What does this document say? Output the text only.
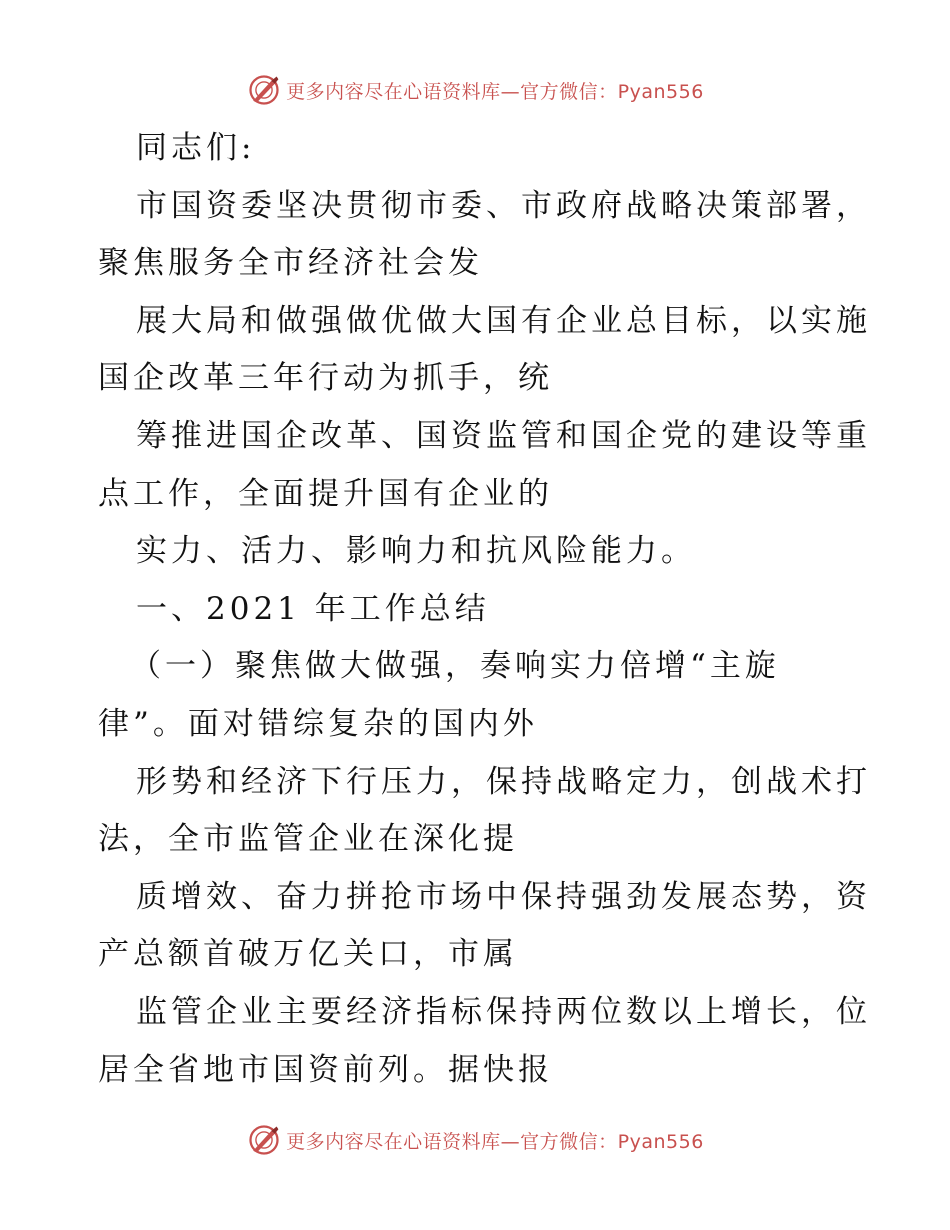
更多内容尽在心语资料库—官方微信：Pyan556
同志们:
市国资委坚决贯彻市委、市政府战略决策部署，
聚焦服务全市经济社会发
展大局和做强做优做大国有企业总目标，以实施
国企改革三年行动为抓手，统
筹推进国企改革、国资监管和国企党的建设等重
点工作，全面提升国有企业的
实力、活力、影响力和抗风险能力。
一、2021 年工作总结
（一）聚焦做大做强，奏响实力倍增“主旋
律”。面对错综复杂的国内外
形势和经济下行压力，保持战略定力，创战术打
法，全市监管企业在深化提
质增效、奋力拼抢市场中保持强劲发展态势，资
产总额首破万亿关口，市属
监管企业主要经济指标保持两位数以上增长，位
居全省地市国资前列。据快报
更多内容尽在心语资料库—官方微信：Pyan556
